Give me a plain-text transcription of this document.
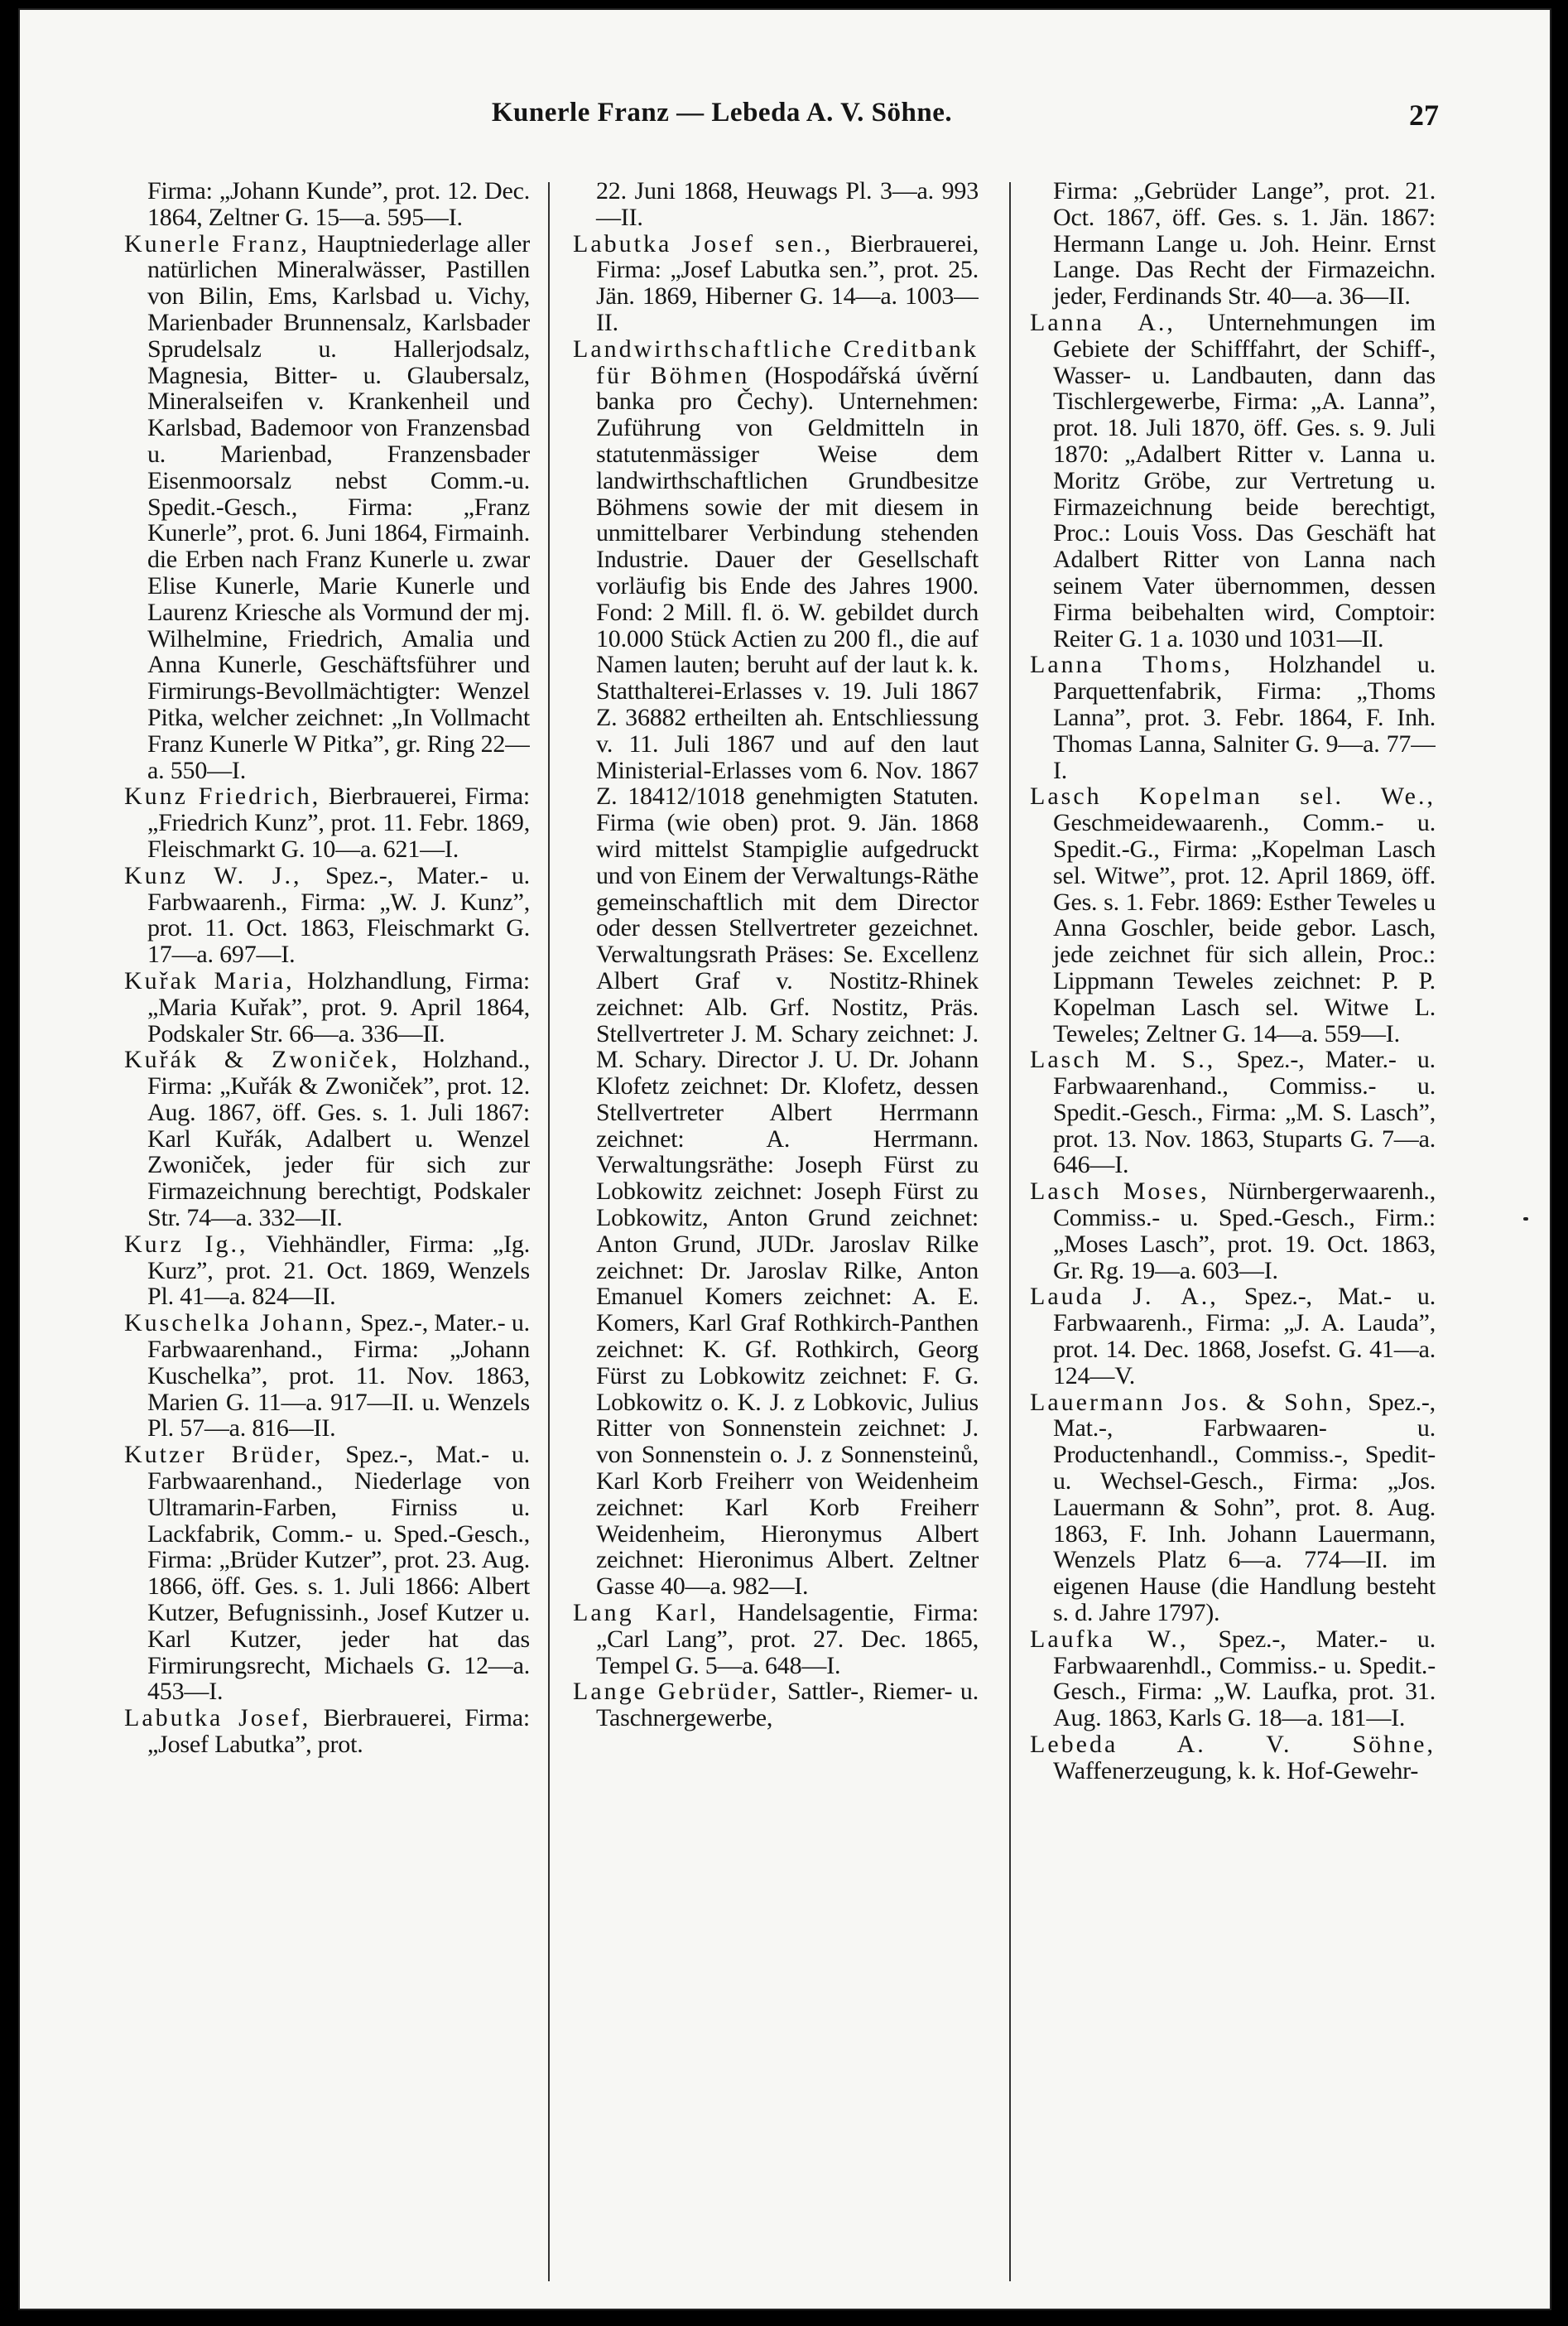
Kunerle Franz — Lebeda A. V. Söhne.	27

Firma: „Johann Kunde”, prot. 12. Dec. 1864, Zeltner G. 15—a. 595—I.

Kunerle Franz, Hauptniederlage aller natürlichen Mineralwässer, Pastillen von Bilin, Ems, Karlsbad u. Vichy, Marienbader Brunnensalz, Karlsbader Sprudelsalz u. Hallerjodsalz, Magnesia, Bitter- u. Glaubersalz, Mineralseifen v. Krankenheil und Karlsbad, Bademoor von Franzensbad u. Marienbad, Franzensbader Eisenmoorsalz nebst Comm.-u. Spedit.-Gesch., Firma: „Franz Kunerle”, prot. 6. Juni 1864, Firmainh. die Erben nach Franz Kunerle u. zwar Elise Kunerle, Marie Kunerle und Laurenz Kriesche als Vormund der mj. Wilhelmine, Friedrich, Amalia und Anna Kunerle, Geschäftsführer und Firmirungs-Bevollmächtigter: Wenzel Pitka, welcher zeichnet: „In Vollmacht Franz Kunerle W Pitka”, gr. Ring 22—a. 550—I.

Kunz Friedrich, Bierbrauerei, Firma: „Friedrich Kunz”, prot. 11. Febr. 1869, Fleischmarkt G. 10—a. 621—I.

Kunz W. J., Spez.-, Mater.- u. Farbwaarenh., Firma: „W. J. Kunz”, prot. 11. Oct. 1863, Fleischmarkt G. 17—a. 697—I.

Kuřak Maria, Holzhandlung, Firma: „Maria Kuřak”, prot. 9. April 1864, Podskaler Str. 66—a. 336—II.

Kuřák & Zwoniček, Holzhand., Firma: „Kuřák & Zwoniček”, prot. 12. Aug. 1867, öff. Ges. s. 1. Juli 1867: Karl Kuřák, Adalbert u. Wenzel Zwoniček, jeder für sich zur Firmazeichnung berechtigt, Podskaler Str. 74—a. 332—II.

Kurz Ig., Viehhändler, Firma: „Ig. Kurz”, prot. 21. Oct. 1869, Wenzels Pl. 41—a. 824—II.

Kuschelka Johann, Spez.-, Mater.- u. Farbwaarenhand., Firma: „Johann Kuschelka”, prot. 11. Nov. 1863, Marien G. 11—a. 917—II. u. Wenzels Pl. 57—a. 816—II.

Kutzer Brüder, Spez.-, Mat.- u. Farbwaarenhand., Niederlage von Ultramarin-Farben, Firniss u. Lackfabrik, Comm.- u. Sped.-Gesch., Firma: „Brüder Kutzer”, prot. 23. Aug. 1866, öff. Ges. s. 1. Juli 1866: Albert Kutzer, Befugnissinh., Josef Kutzer u. Karl Kutzer, jeder hat das Firmirungsrecht, Michaels G. 12—a. 453—I.

Labutka Josef, Bierbrauerei, Firma: „Josef Labutka”, prot.

22. Juni 1868, Heuwags Pl. 3—a. 993—II.

Labutka Josef sen., Bierbrauerei, Firma: „Josef Labutka sen.”, prot. 25. Jän. 1869, Hiberner G. 14—a. 1003—II.

Landwirthschaftliche Creditbank für Böhmen (Hospodářská úvěrní banka pro Čechy). Unternehmen: Zuführung von Geldmitteln in statutenmässiger Weise dem landwirthschaftlichen Grundbesitze Böhmens sowie der mit diesem in unmittelbarer Verbindung stehenden Industrie. Dauer der Gesellschaft vorläufig bis Ende des Jahres 1900. Fond: 2 Mill. fl. ö. W. gebildet durch 10.000 Stück Actien zu 200 fl., die auf Namen lauten; beruht auf der laut k. k. Statthalterei-Erlasses v. 19. Juli 1867 Z. 36882 ertheilten ah. Entschliessung v. 11. Juli 1867 und auf den laut Ministerial-Erlasses vom 6. Nov. 1867 Z. 18412/1018 genehmigten Statuten. Firma (wie oben) prot. 9. Jän. 1868 wird mittelst Stampiglie aufgedruckt und von Einem der Verwaltungs-Räthe gemeinschaftlich mit dem Director oder dessen Stellvertreter gezeichnet. Verwaltungsrath Präses: Se. Excellenz Albert Graf v. Nostitz-Rhinek zeichnet: Alb. Grf. Nostitz, Präs. Stellvertreter J. M. Schary zeichnet: J. M. Schary. Director J. U. Dr. Johann Klofetz zeichnet: Dr. Klofetz, dessen Stellvertreter Albert Herrmann zeichnet: A. Herrmann. Verwaltungsräthe: Joseph Fürst zu Lobkowitz zeichnet: Joseph Fürst zu Lobkowitz, Anton Grund zeichnet: Anton Grund, JUDr. Jaroslav Rilke zeichnet: Dr. Jaroslav Rilke, Anton Emanuel Komers zeichnet: A. E. Komers, Karl Graf Rothkirch-Panthen zeichnet: K. Gf. Rothkirch, Georg Fürst zu Lobkowitz zeichnet: F. G. Lobkowitz o. K. J. z Lobkovic, Julius Ritter von Sonnenstein zeichnet: J. von Sonnenstein o. J. z Sonnensteinů, Karl Korb Freiherr von Weidenheim zeichnet: Karl Korb Freiherr Weidenheim, Hieronymus Albert zeichnet: Hieronimus Albert. Zeltner Gasse 40—a. 982—I.

Lang Karl, Handelsagentie, Firma: „Carl Lang”, prot. 27. Dec. 1865, Tempel G. 5—a. 648—I.

Lange Gebrüder, Sattler-, Riemer- u. Taschnergewerbe,

Firma: „Gebrüder Lange”, prot. 21. Oct. 1867, öff. Ges. s. 1. Jän. 1867: Hermann Lange u. Joh. Heinr. Ernst Lange. Das Recht der Firmazeichn. jeder, Ferdinands Str. 40—a. 36—II.

Lanna A., Unternehmungen im Gebiete der Schifffahrt, der Schiff-, Wasser- u. Landbauten, dann das Tischlergewerbe, Firma: „A. Lanna”, prot. 18. Juli 1870, öff. Ges. s. 9. Juli 1870: „Adalbert Ritter v. Lanna u. Moritz Gröbe, zur Vertretung u. Firmazeichnung beide berechtigt, Proc.: Louis Voss. Das Geschäft hat Adalbert Ritter von Lanna nach seinem Vater übernommen, dessen Firma beibehalten wird, Comptoir: Reiter G. 1 a. 1030 und 1031—II.

Lanna Thoms, Holzhandel u. Parquettenfabrik, Firma: „Thoms Lanna”, prot. 3. Febr. 1864, F. Inh. Thomas Lanna, Salniter G. 9—a. 77—I.

Lasch Kopelman sel. We., Geschmeidewaarenh., Comm.- u. Spedit.-G., Firma: „Kopelman Lasch sel. Witwe”, prot. 12. April 1869, öff. Ges. s. 1. Febr. 1869: Esther Teweles u Anna Goschler, beide gebor. Lasch, jede zeichnet für sich allein, Proc.: Lippmann Teweles zeichnet: P. P. Kopelman Lasch sel. Witwe L. Teweles; Zeltner G. 14—a. 559—I.

Lasch M. S., Spez.-, Mater.- u. Farbwaarenhand., Commiss.- u. Spedit.-Gesch., Firma: „M. S. Lasch”, prot. 13. Nov. 1863, Stuparts G. 7—a. 646—I.

Lasch Moses, Nürnbergerwaarenh., Commiss.- u. Sped.-Gesch., Firm.: „Moses Lasch”, prot. 19. Oct. 1863, Gr. Rg. 19—a. 603—I.

Lauda J. A., Spez.-, Mat.- u. Farbwaarenh., Firma: „J. A. Lauda”, prot. 14. Dec. 1868, Josefst. G. 41—a. 124—V.

Lauermann Jos. & Sohn, Spez.-, Mat.-, Farbwaaren- u. Productenhandl., Commiss.-, Spedit- u. Wechsel-Gesch., Firma: „Jos. Lauermann & Sohn”, prot. 8. Aug. 1863, F. Inh. Johann Lauermann, Wenzels Platz 6—a. 774—II. im eigenen Hause (die Handlung besteht s. d. Jahre 1797).

Laufka W., Spez.-, Mater.- u. Farbwaarenhdl., Commiss.- u. Spedit.-Gesch., Firma: „W. Laufka, prot. 31. Aug. 1863, Karls G. 18—a. 181—I.

Lebeda A. V. Söhne, Waffenerzeugung, k. k. Hof-Gewehr-
